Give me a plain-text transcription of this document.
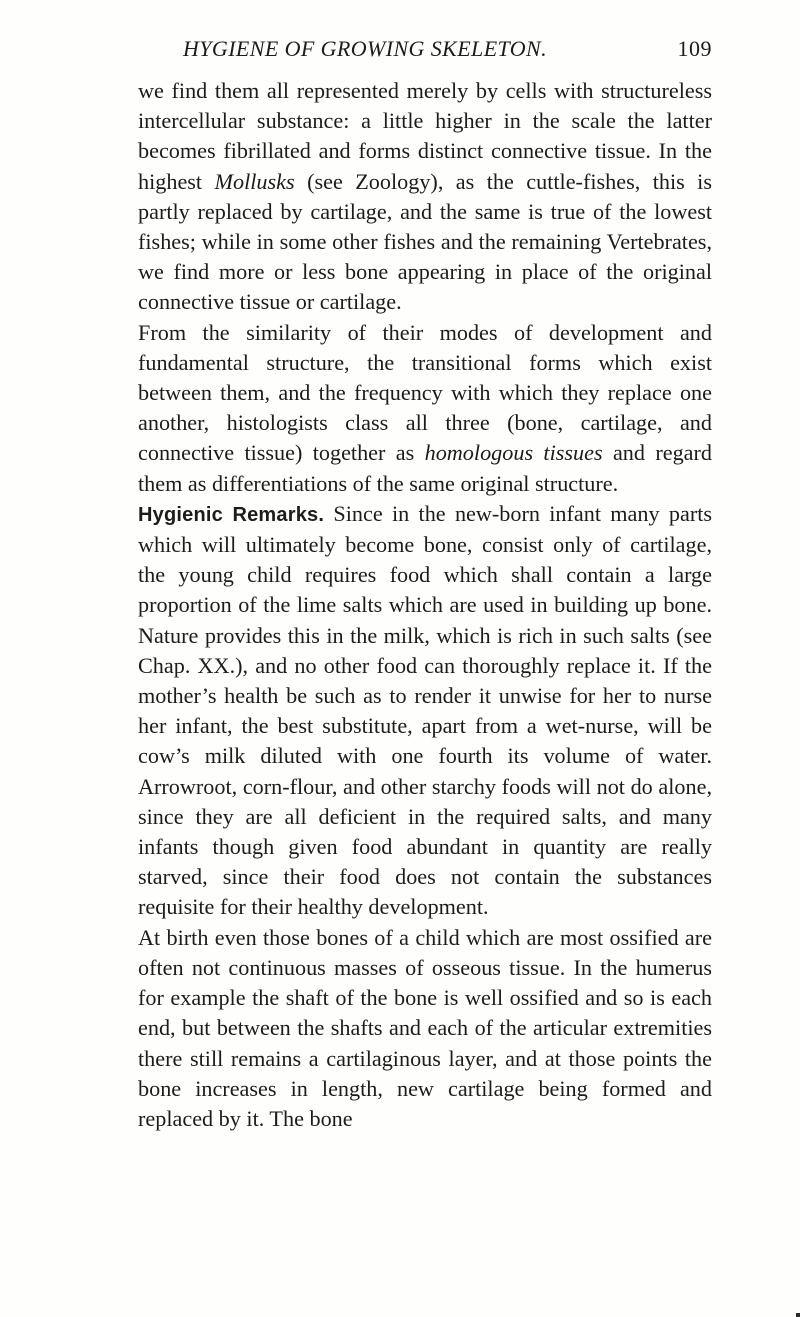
HYGIENE OF GROWING SKELETON.	109

we find them all represented merely by cells with structureless intercellular substance: a little higher in the scale the latter becomes fibrillated and forms distinct connective tissue. In the highest Mollusks (see Zoology), as the cuttle-fishes, this is partly replaced by cartilage, and the same is true of the lowest fishes; while in some other fishes and the remaining Vertebrates, we find more or less bone appearing in place of the original connective tissue or cartilage.

From the similarity of their modes of development and fundamental structure, the transitional forms which exist between them, and the frequency with which they replace one another, histologists class all three (bone, cartilage, and connective tissue) together as homologous tissues and regard them as differentiations of the same original structure.

Hygienic Remarks. Since in the new-born infant many parts which will ultimately become bone, consist only of cartilage, the young child requires food which shall contain a large proportion of the lime salts which are used in building up bone. Nature provides this in the milk, which is rich in such salts (see Chap. XX.), and no other food can thoroughly replace it. If the mother’s health be such as to render it unwise for her to nurse her infant, the best substitute, apart from a wet-nurse, will be cow’s milk diluted with one fourth its volume of water. Arrowroot, corn-flour, and other starchy foods will not do alone, since they are all deficient in the required salts, and many infants though given food abundant in quantity are really starved, since their food does not contain the substances requisite for their healthy development.

At birth even those bones of a child which are most ossified are often not continuous masses of osseous tissue. In the humerus for example the shaft of the bone is well ossified and so is each end, but between the shafts and each of the articular extremities there still remains a cartilaginous layer, and at those points the bone increases in length, new cartilage being formed and replaced by it. The bone
